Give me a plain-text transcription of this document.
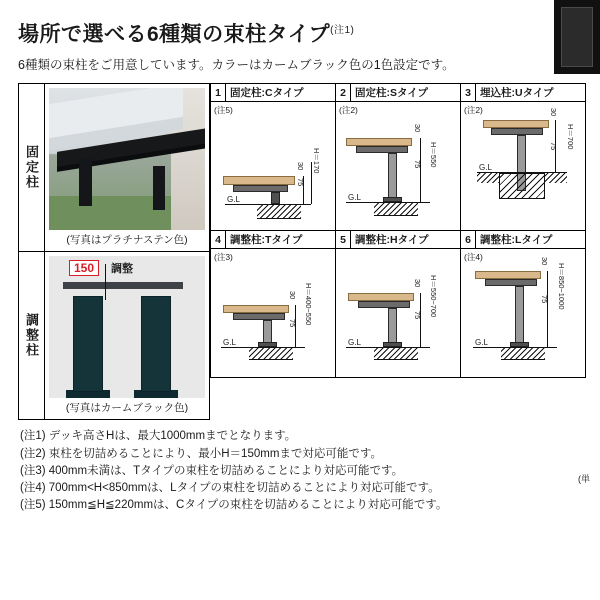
場所で選べる6種類の束柱タイプ$^{(注1)}$

6種類の束柱をご用意しています。カラーはカームブラック色の1色設定です。

固定柱
(写真はプラチナステン色)
調整柱
150	調整
(写真はカームブラック色)
1 固定柱:Cタイプ
(注5)
G.L
75
30 H＝170
2 固定柱:Sタイプ
(注2)
G.L
75
30
H＝550
3 埋込柱:Uタイプ
(注2)
G.L
75
30
H＝700
4 調整柱:Tタイプ
(注3)
G.L
75
30 H＝400~550
5 調整柱:Hタイプ
G.L
75
30 H＝550~700
6 調整柱:Lタイプ
(注4)
G.L
75
30
H＝850~1000
(単
(注1) デッキ高さHは、最大1000mmまでとなります。
(注2) 束柱を切詰めることにより、最小H＝150mmまで対応可能です。
(注3) 400mm未満は、Tタイプの束柱を切詰めることにより対応可能です。
(注4) 700mm<H<850mmは、Lタイプの束柱を切詰めることにより対応可能です。
(注5) 150mm≦H≦220mmは、Cタイプの束柱を切詰めることにより対応可能です。
